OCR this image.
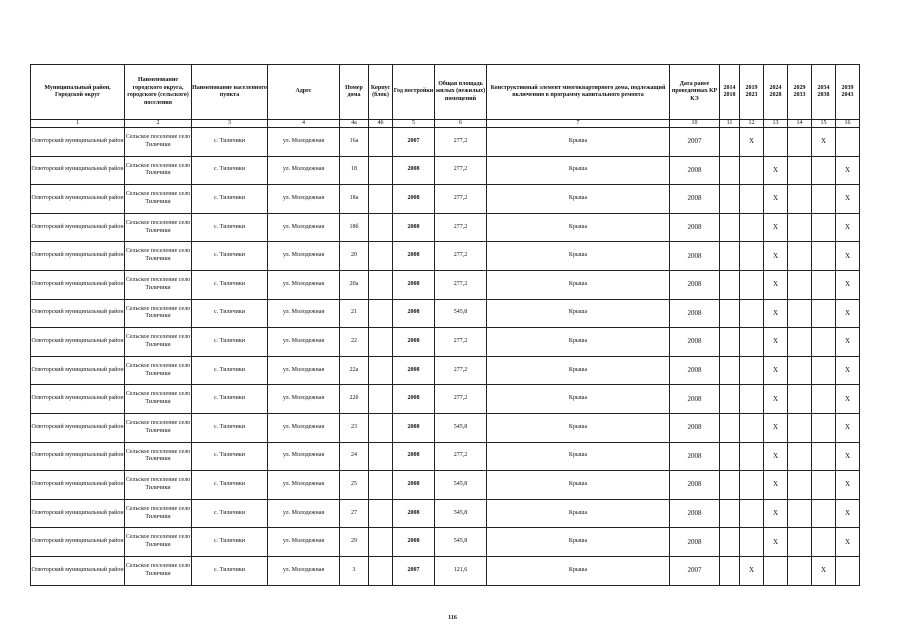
Муниципальный район, Городской округ	Наименование городского округа, городского (сельского) поселения	Наименование населенного пункта	Адрес	Номер дома	Корпус (блок)	Год постройки	Общая площадь жилых (нежилых) помещений	Конструктивный элемент многоквартирного дома, подлежащий включению в программу капитального ремонта	Дата ранее проведенных КР КЭ	2014 2018	2019 2023	2024 2028	2029 2033	2034 2038	2039 2043
1	2	3	4	4а	4б	5	6	7	10	11	12	13	14	15	16
Олюторский муниципальный район	Сельское поселение село Тиличики	с. Тиличики	ул. Молодежная	16а		2007	277,2	Крыша	2007		X			X	
Олюторский муниципальный район	Сельское поселение село Тиличики	с. Тиличики	ул. Молодежная	18		2008	277,2	Крыша	2008			X			X
Олюторский муниципальный район	Сельское поселение село Тиличики	с. Тиличики	ул. Молодежная	18а		2008	277,2	Крыша	2008			X			X
Олюторский муниципальный район	Сельское поселение село Тиличики	с. Тиличики	ул. Молодежная	18б		2008	277,2	Крыша	2008			X			X
Олюторский муниципальный район	Сельское поселение село Тиличики	с. Тиличики	ул. Молодежная	20		2008	277,2	Крыша	2008			X			X
Олюторский муниципальный район	Сельское поселение село Тиличики	с. Тиличики	ул. Молодежная	20а		2008	277,2	Крыша	2008			X			X
Олюторский муниципальный район	Сельское поселение село Тиличики	с. Тиличики	ул. Молодежная	21		2008	545,8	Крыша	2008			X			X
Олюторский муниципальный район	Сельское поселение село Тиличики	с. Тиличики	ул. Молодежная	22		2008	277,2	Крыша	2008			X			X
Олюторский муниципальный район	Сельское поселение село Тиличики	с. Тиличики	ул. Молодежная	22а		2008	277,2	Крыша	2008			X			X
Олюторский муниципальный район	Сельское поселение село Тиличики	с. Тиличики	ул. Молодежная	22б		2008	277,2	Крыша	2008			X			X
Олюторский муниципальный район	Сельское поселение село Тиличики	с. Тиличики	ул. Молодежная	23		2008	545,8	Крыша	2008			X			X
Олюторский муниципальный район	Сельское поселение село Тиличики	с. Тиличики	ул. Молодежная	24		2008	277,2	Крыша	2008			X			X
Олюторский муниципальный район	Сельское поселение село Тиличики	с. Тиличики	ул. Молодежная	25		2008	545,8	Крыша	2008			X			X
Олюторский муниципальный район	Сельское поселение село Тиличики	с. Тиличики	ул. Молодежная	27		2008	545,8	Крыша	2008			X			X
Олюторский муниципальный район	Сельское поселение село Тиличики	с. Тиличики	ул. Молодежная	29		2008	545,8	Крыша	2008			X			X
Олюторский муниципальный район	Сельское поселение село Тиличики	с. Тиличики	ул. Молодежная	3		2007	121,6	Крыша	2007		X			X	
116
